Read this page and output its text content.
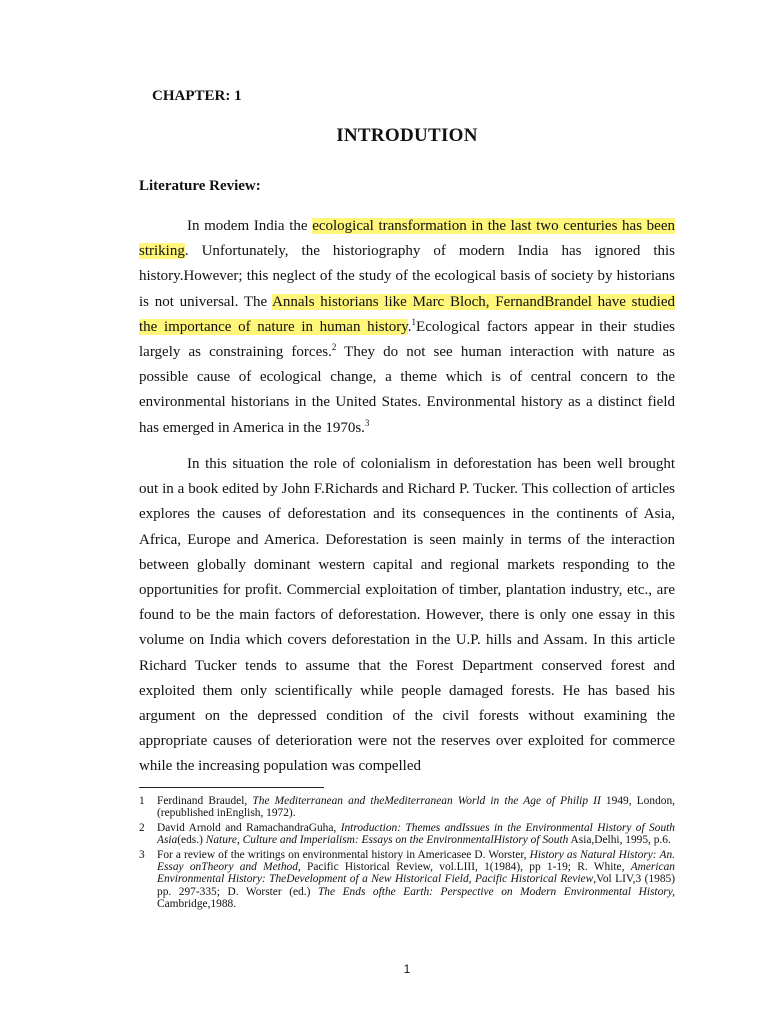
CHAPTER: 1
INTRODUTION
Literature Review:

In modem India the ecological transformation in the last two centuries has been striking. Unfortunately, the historiography of modern India has ignored this history.However; this neglect of the study of the ecological basis of society by historians is not universal. The Annals historians like Marc Bloch, FernandBrandel have studied the importance of nature in human history.$^1$Ecological factors appear in their studies largely as constraining forces.$^2$ They do not see human interaction with nature as possible cause of ecological change, a theme which is of central concern to the environmental historians in the United States. Environmental history as a distinct field has emerged in America in the 1970s.$^3$

In this situation the role of colonialism in deforestation has been well brought out in a book edited by John F.Richards and Richard P. Tucker. This collection of articles explores the causes of deforestation and its consequences in the continents of Asia, Africa, Europe and America. Deforestation is seen mainly in terms of the interaction between globally dominant western capital and regional markets responding to the opportunities for profit. Commercial exploitation of timber, plantation industry, etc., are found to be the main factors of deforestation. However, there is only one essay in this volume on India which covers deforestation in the U.P. hills and Assam. In this article Richard Tucker tends to assume that the Forest Department conserved forest and exploited them only scientifically while people damaged forests. He has based his argument on the depressed condition of the civil forests without examining the appropriate causes of deterioration were not the reserves over exploited for commerce while the increasing population was compelled

1	Ferdinand Braudel, The Mediterranean and theMediterranean World in the Age of Philip II 1949, London,(republished inEnglish, 1972).
2	David Arnold and RamachandraGuha, Introduction: Themes andIssues in the Environmental History of South Asia(eds.) Nature, Culture and Imperialism: Essays on the EnvironmentalHistory of South Asia,Delhi, 1995, p.6.
3	For a review of the writings on environmental history in Americasee D. Worster, History as Natural History: An. Essay onTheory and Method, Pacific Historical Review, vol.LIII, 1(1984), pp 1-19; R. White, American Environmental History: TheDevelopment of a New Historical Field, Pacific Historical Review,Vol LIV,3 (1985) pp. 297-335; D. Worster (ed.) The Ends ofthe Earth: Perspective on Modern Environmental History, Cambridge,1988.
1
